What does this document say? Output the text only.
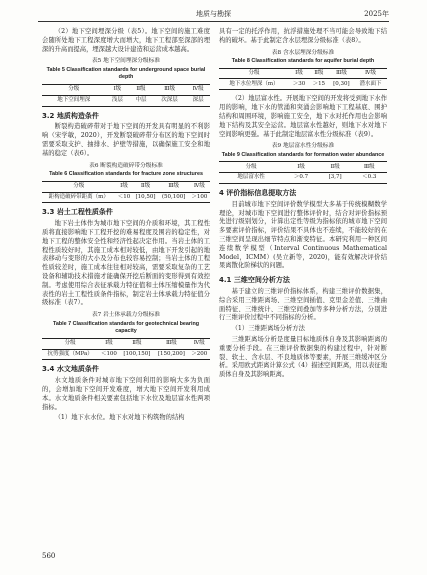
地质与勘探	2025年

（2）地下空间埋深分级（表5）。地下空间的施工难度会随所处地下工程深度增大而增大，地下工程部至深部的埋深的升高而提高，埋深越大设计建造和运营成本越高。

表5 地下空间埋深分级标准
Table 5 Classification standards for underground space burial depth
分级	Ⅰ级	Ⅱ级	Ⅲ级	Ⅳ级
地下空间埋深	浅层	中层	次深层	深层
3.2 地质构造条件

断裂构造破碎带对于地下空间的开发具有明显的不利影响（宋学敏，2020），开发断裂破碎带分布区的地下空间时需要采取支护、抽排水、护壁等措施，以确保施工安全和地基的稳定（表6）。

表6 断裂构造破碎带分级标准
Table 6 Classification standards for fracture zone structures
分级	Ⅰ级	Ⅱ级	Ⅲ级	Ⅳ级
距构造破碎带距离（m）	＜10	[10,50]	(50,100]	＞100
3.3 岩土工程性质条件

地下岩土体作为城市地下空间的介质和环境，其工程性质将直接影响地下工程开挖的难易程度及围岩的稳定性，对地下工程的整体安全性和经济性起决定作用。当岩土体的工程性质较好时，其施工成本相对较低，由地下开发引起的地表移动与变形的大小及分布也较容易控制；当岩土体的工程性质较差时，施工成本往往相对较高，需要采取复杂的工艺设备和辅助技术措施才能确保开挖后断面的变形得到有效控制。考虑使用综合表征承载力特征值和土体压缩模量作为代表性的岩土工程性质条件指标，制定岩土体承载力特征值分级标准（表7）。

表7 岩土体承载力分级标准
Table 7 Classification standards for geotechnical bearing capacity
分级	Ⅰ级	Ⅱ级	Ⅲ级	Ⅳ级
抗剪强度（MPa）	＜100	[100,150]	[150,200]	＞200
3.4 水文地质条件

水文地质条件对城市地下空间利用的影响大多为负面的，会增加地下空间开发难度，增大地下空间开发利用成本。水文地质条件相关要素包括地下水位及地层富水性两项指标。

（1）地下水水位。地下水对地下构筑物的结构

具有一定的托浮作用，抗浮措施处理不当可能会导致地下结构的破坏。基于此制定含水层埋深分级标准（表8）。

表8 含水层埋深分级标准
Table 8 Classification standards for aquifer burial depth
分级	Ⅰ级	Ⅱ级	Ⅲ级	Ⅳ级
地下水位埋深（m）	＞30	＞15	[0,30]	潜水面下

（2）地层富水性。开展地下空间的开发将受到地下水作用的影响，地下水的管涌和突涌会影响地下工程基底、围护结构和周围环境，影响施工安全，地下水对托作用也会影响地下结构及其安全运营。地层富水性越好，则地下水对地下空间影响更强。基于此制定地层富水性分级标准（表9）。

表9 地层富水性分级标准
Table 9 Classification standards for formation water abundance
分级	Ⅰ级	Ⅱ级	Ⅲ级
地层富水性	＞0.7	[3,7]	＜0.3
4 评价指标信息提取方法

目前城市地下空间评价数学模型大多基于传统模糊数学理论，对城市地下空间进行整体评价时，结合对评价指标预先进行级别划分，计算出定性等级为指标依的城市地下空间多要素评价指标，评价结果不具体也不连续，不能较好的在三维空间呈现出细节特点和渐变特征。本研究利用一种区间连续数学模型（Interval Continuous Mathematical Model，ICMM）(吴立新等，2020)，能有效解决评价结果离散化阶梯状的问题。

4.1 三维空间分析方法

基于建立的三维评价指标体系，构建三维评价数据集，综合采用三维距离场、三维空间插值、克里金差值、三维曲面特征、三维统计、三维空间叠加等多种分析方法，分别进行三维评价过程中不同指标的分析。

（1）三维距离场分析方法

三维距离场分析是度量目标地质体自身及其影响距离的重要分析手段。在三维评价数据集的构建过程中，针对断裂、软土、含水层、不良地质体等要素，开展三维缓冲区分析。采用欧式距离计算公式（4）描述空间距离，用以表征地质体自身及其影响距离。

560
